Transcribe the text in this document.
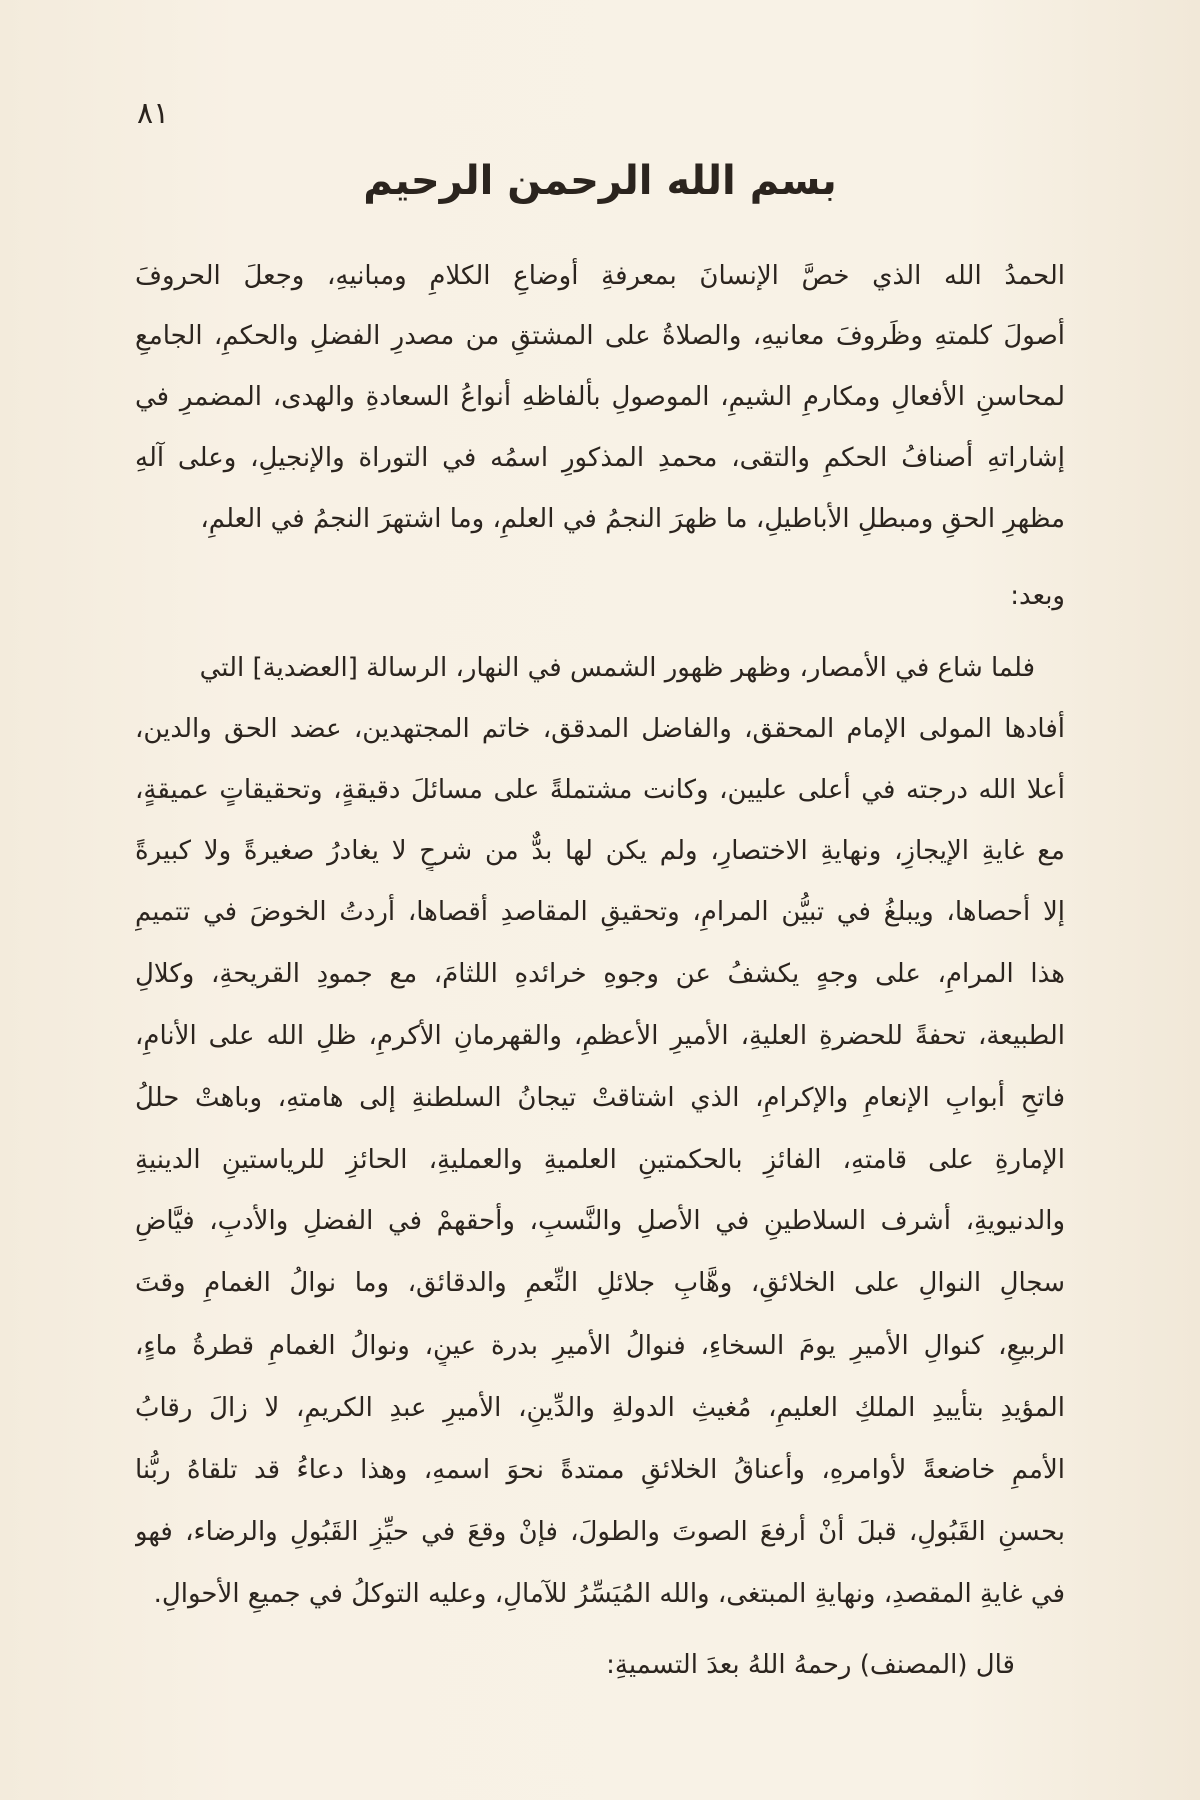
٨١
بسم الله الرحمن الرحيم
الحمدُ الله الذي خصَّ الإنسانَ بمعرفةِ أوضاعِ الكلامِ ومبانيهِ، وجعلَ الحروفَ
أصولَ كلمتهِ وظَروفَ معانيهِ، والصلاةُ على المشتقِ من مصدرِ الفضلِ والحكمِ، الجامعِ
لمحاسنِ الأفعالِ ومكارمِ الشيمِ، الموصولِ بألفاظهِ أنواعُ السعادةِ والهدى، المضمرِ في
إشاراتهِ أصنافُ الحكمِ والتقى، محمدِ المذكورِ اسمُه في التوراة والإنجيلِ، وعلى آلهِ
مظهرِ الحقِ ومبطلِ الأباطيلِ، ما ظهرَ النجمُ في العلمِ، وما اشتهرَ النجمُ في العلمِ،
وبعد:
فلما شاع في الأمصار، وظهر ظهور الشمس في النهار، الرسالة [العضدية] التي
أفادها المولى الإمام المحقق، والفاضل المدقق، خاتم المجتهدين، عضد الحق والدين،
أعلا الله درجته في أعلى عليين، وكانت مشتملةً على مسائلَ دقيقةٍ، وتحقيقاتٍ عميقةٍ،
مع غايةِ الإيجازِ، ونهايةِ الاختصارِ، ولم يكن لها بدٌّ من شرحٍ لا يغادرُ صغيرةً ولا كبيرةً
إلا أحصاها، ويبلغُ في تبيُّن المرامِ، وتحقيقِ المقاصدِ أقصاها، أردتُ الخوضَ في تتميمِ
هذا المرامِ، على وجهٍ يكشفُ عن وجوهِ خرائدهِ اللثامَ، مع جمودِ القريحةِ، وكلالِ
الطبيعة، تحفةً للحضرةِ العليةِ، الأميرِ الأعظمِ، والقهرمانِ الأكرمِ، ظلِ الله على الأنامِ،
فاتحِ أبوابِ الإنعامِ والإكرامِ، الذي اشتاقتْ تيجانُ السلطنةِ إلى هامتهِ، وباهتْ حللُ
الإمارةِ على قامتهِ، الفائزِ بالحكمتينِ العلميةِ والعمليةِ، الحائزِ للرياستينِ الدينيةِ
والدنيويةِ، أشرف السلاطينِ في الأصلِ والنَّسبِ، وأحقهمْ في الفضلِ والأدبِ، فيَّاضِ
سجالِ النوالِ على الخلائقِ، وهَّابِ جلائلِ النِّعمِ والدقائق، وما نوالُ الغمامِ وقتَ
الربيعِ، كنوالِ الأميرِ يومَ السخاءِ، فنوالُ الأميرِ بدرة عينٍ، ونوالُ الغمامِ قطرةُ ماءٍ،
المؤيدِ بتأييدِ الملكِ العليمِ، مُغيثِ الدولةِ والدِّينِ، الأميرِ عبدِ الكريمِ، لا زالَ رقابُ
الأممِ خاضعةً لأوامرهِ، وأعناقُ الخلائقِ ممتدةً نحوَ اسمهِ، وهذا دعاءُ قد تلقاهُ ربُّنا
بحسنِ القَبُولِ، قبلَ أنْ أرفعَ الصوتَ والطولَ، فإنْ وقعَ في حيِّزِ القَبُولِ والرضاء، فهو
في غايةِ المقصدِ، ونهايةِ المبتغى، والله المُيَسِّرُ للآمالِ، وعليه التوكلُ في جميعِ الأحوالِ.
قال (المصنف) رحمهُ اللهُ بعدَ التسميةِ:
